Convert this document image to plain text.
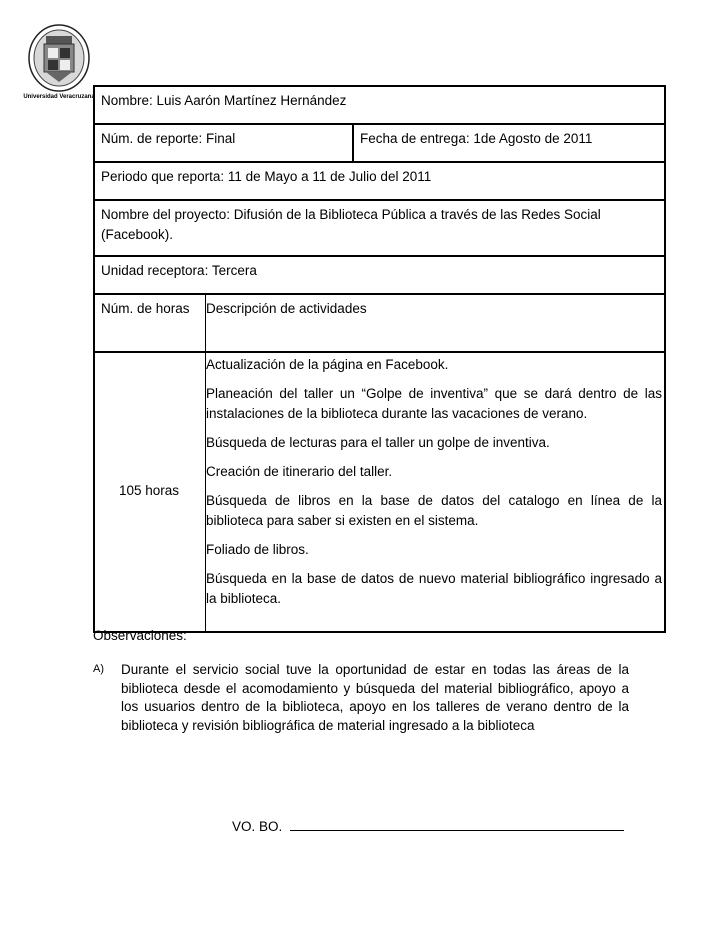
Universidad Veracruzana Nombre: Luis Aarón Martínez Hernández
Núm. de reporte: Final	Fecha de entrega: 1de Agosto de 2011
Periodo que reporta: 11 de Mayo a 11 de Julio del 2011
Nombre del proyecto: Difusión de la Biblioteca Pública a través de las Redes Social
(Facebook).
Unidad receptora: Tercera
Núm. de horas	Descripción de actividades
105 horas

Actualización de la página en Facebook.

Planeación del taller un “Golpe de inventiva” que se dará dentro de las instalaciones de la biblioteca durante las vacaciones de verano.

Búsqueda de lecturas para el taller un golpe de inventiva.

Creación de itinerario del taller.

Búsqueda de libros en la base de datos del catalogo en línea de la biblioteca para saber si existen en el sistema.

Foliado de libros.

Búsqueda en la base de datos de nuevo material bibliográfico ingresado a la biblioteca.

Observaciones:
A) Durante el servicio social tuve la oportunidad de estar en todas las áreas de la biblioteca desde el acomodamiento y búsqueda del material bibliográfico, apoyo a los usuarios dentro de la biblioteca, apoyo en los talleres de verano dentro de la biblioteca y revisión bibliográfica de material ingresado a la biblioteca
VO. BO.
